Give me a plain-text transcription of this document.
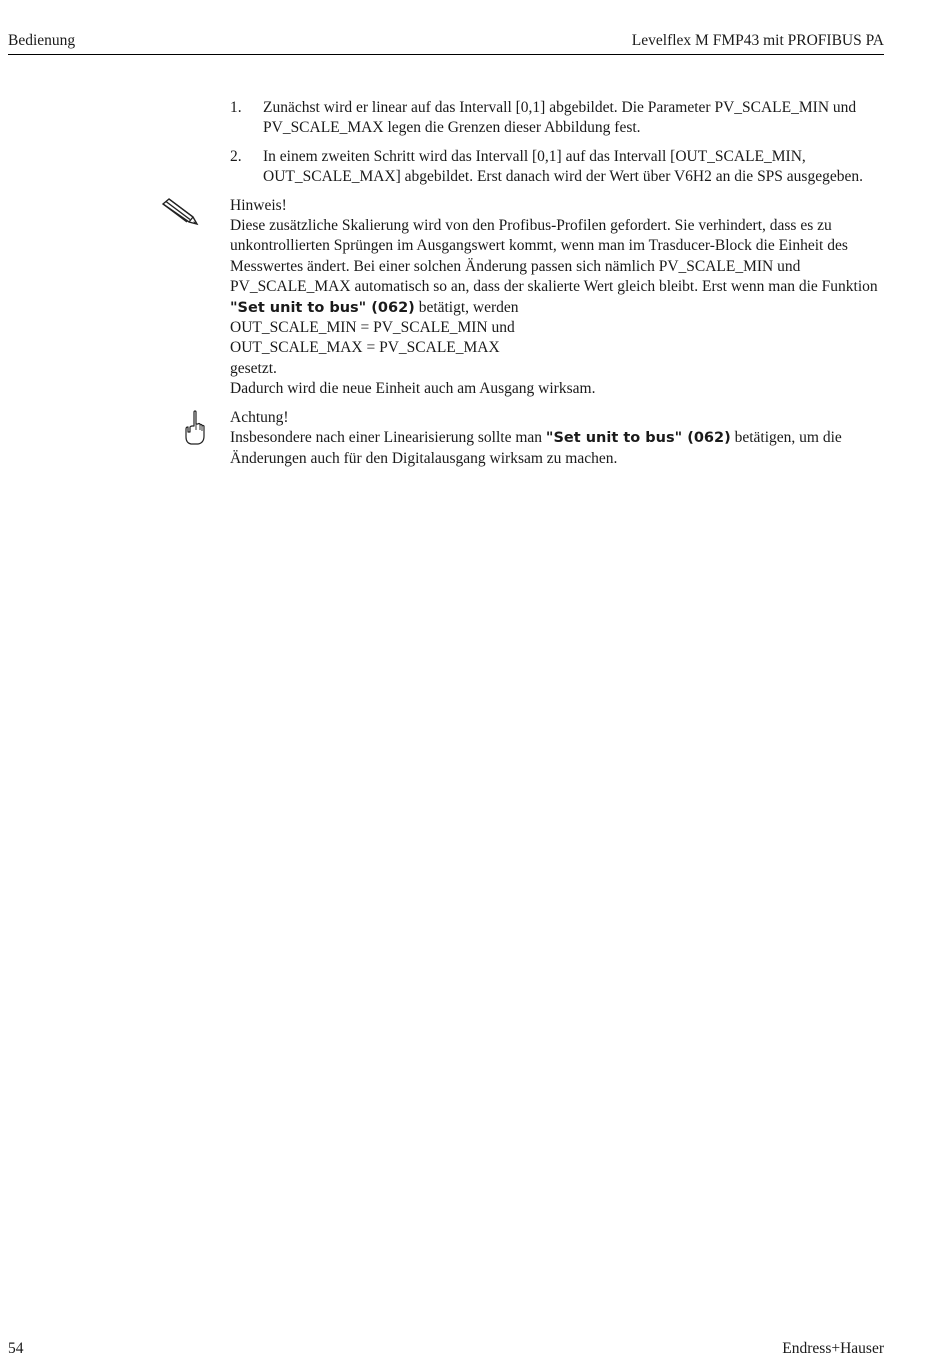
Bedienung	Levelflex M FMP43 mit PROFIBUS PA
1. Zunächst wird er linear auf das Intervall [0,1] abgebildet. Die Parameter PV_SCALE_MIN und PV_SCALE_MAX legen die Grenzen dieser Abbildung fest.
2. In einem zweiten Schritt wird das Intervall [0,1] auf das Intervall [OUT_SCALE_MIN, OUT_SCALE_MAX] abgebildet. Erst danach wird der Wert über V6H2 an die SPS ausgegeben.
Hinweis!
Diese zusätzliche Skalierung wird von den Profibus-Profilen gefordert. Sie verhindert, dass es zu unkontrollierten Sprüngen im Ausgangswert kommt, wenn man im Trasducer-Block die Einheit des Messwertes ändert. Bei einer solchen Änderung passen sich nämlich PV_SCALE_MIN und PV_SCALE_MAX automatisch so an, dass der skalierte Wert gleich bleibt. Erst wenn man die Funktion "Set unit to bus" (062) betätigt, werden
OUT_SCALE_MIN = PV_SCALE_MIN und
OUT_SCALE_MAX = PV_SCALE_MAX
gesetzt.
Dadurch wird die neue Einheit auch am Ausgang wirksam.
Achtung!
Insbesondere nach einer Linearisierung sollte man "Set unit to bus" (062) betätigen, um die Änderungen auch für den Digitalausgang wirksam zu machen.
54	Endress+Hauser
